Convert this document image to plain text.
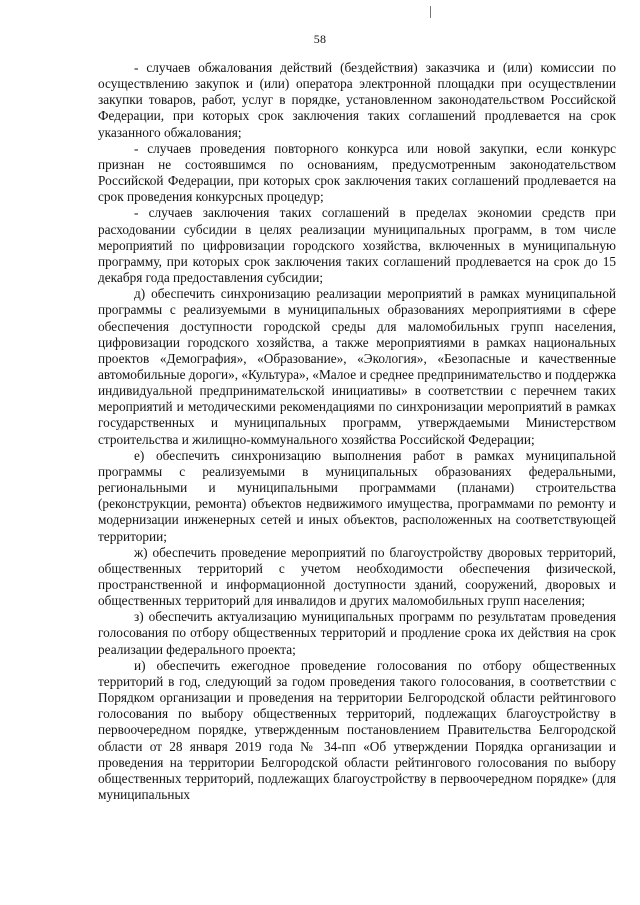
58

- случаев обжалования действий (бездействия) заказчика и (или) комиссии по осуществлению закупок и (или) оператора электронной площадки при осуществлении закупки товаров, работ, услуг в порядке, установленном законодательством Российской Федерации, при которых срок заключения таких соглашений продлевается на срок указанного обжалования;

- случаев проведения повторного конкурса или новой закупки, если конкурс признан не состоявшимся по основаниям, предусмотренным законодательством Российской Федерации, при которых срок заключения таких соглашений продлевается на срок проведения конкурсных процедур;

- случаев заключения таких соглашений в пределах экономии средств при расходовании субсидии в целях реализации муниципальных программ, в том числе мероприятий по цифровизации городского хозяйства, включенных в муниципальную программу, при которых срок заключения таких соглашений продлевается на срок до 15 декабря года предоставления субсидии;

д) обеспечить синхронизацию реализации мероприятий в рамках муниципальной программы с реализуемыми в муниципальных образованиях мероприятиями в сфере обеспечения доступности городской среды для маломобильных групп населения, цифровизации городского хозяйства, а также мероприятиями в рамках национальных проектов «Демография», «Образование», «Экология», «Безопасные и качественные автомобильные дороги», «Культура», «Малое и среднее предпринимательство и поддержка индивидуальной предпринимательской инициативы» в соответствии с перечнем таких мероприятий и методическими рекомендациями по синхронизации мероприятий в рамках государственных и муниципальных программ, утверждаемыми Министерством строительства и жилищно-коммунального хозяйства Российской Федерации;

е) обеспечить синхронизацию выполнения работ в рамках муниципальной программы с реализуемыми в муниципальных образованиях федеральными, региональными и муниципальными программами (планами) строительства (реконструкции, ремонта) объектов недвижимого имущества, программами по ремонту и модернизации инженерных сетей и иных объектов, расположенных на соответствующей территории;

ж) обеспечить проведение мероприятий по благоустройству дворовых территорий, общественных территорий с учетом необходимости обеспечения физической, пространственной и информационной доступности зданий, сооружений, дворовых и общественных территорий для инвалидов и других маломобильных групп населения;

з) обеспечить актуализацию муниципальных программ по результатам проведения голосования по отбору общественных территорий и продление срока их действия на срок реализации федерального проекта;

и) обеспечить ежегодное проведение голосования по отбору общественных территорий в год, следующий за годом проведения такого голосования, в соответствии с Порядком организации и проведения на территории Белгородской области рейтингового голосования по выбору общественных территорий, подлежащих благоустройству в первоочередном порядке, утвержденным постановлением Правительства Белгородской области от 28 января 2019 года № 34-пп «Об утверждении Порядка организации и проведения на территории Белгородской области рейтингового голосования по выбору общественных территорий, подлежащих благоустройству в первоочередном порядке» (для муниципальных
